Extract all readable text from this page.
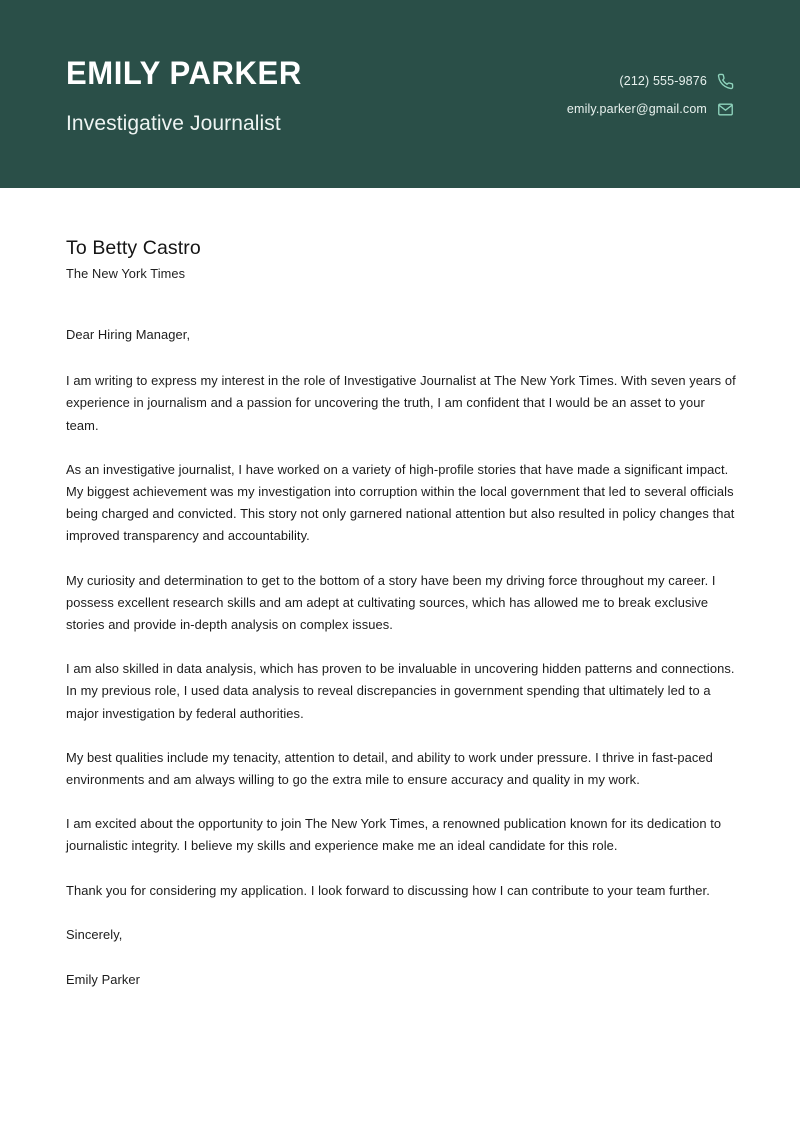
EMILY PARKER
Investigative Journalist
(212) 555-9876
emily.parker@gmail.com
To Betty Castro
The New York Times

Dear Hiring Manager,

I am writing to express my interest in the role of Investigative Journalist at The New York Times. With seven years of experience in journalism and a passion for uncovering the truth, I am confident that I would be an asset to your team.

As an investigative journalist, I have worked on a variety of high-profile stories that have made a significant impact. My biggest achievement was my investigation into corruption within the local government that led to several officials being charged and convicted. This story not only garnered national attention but also resulted in policy changes that improved transparency and accountability.

My curiosity and determination to get to the bottom of a story have been my driving force throughout my career. I possess excellent research skills and am adept at cultivating sources, which has allowed me to break exclusive stories and provide in-depth analysis on complex issues.

I am also skilled in data analysis, which has proven to be invaluable in uncovering hidden patterns and connections. In my previous role, I used data analysis to reveal discrepancies in government spending that ultimately led to a major investigation by federal authorities.

My best qualities include my tenacity, attention to detail, and ability to work under pressure. I thrive in fast-paced environments and am always willing to go the extra mile to ensure accuracy and quality in my work.

I am excited about the opportunity to join The New York Times, a renowned publication known for its dedication to journalistic integrity. I believe my skills and experience make me an ideal candidate for this role.

Thank you for considering my application. I look forward to discussing how I can contribute to your team further.

Sincerely,

Emily Parker
